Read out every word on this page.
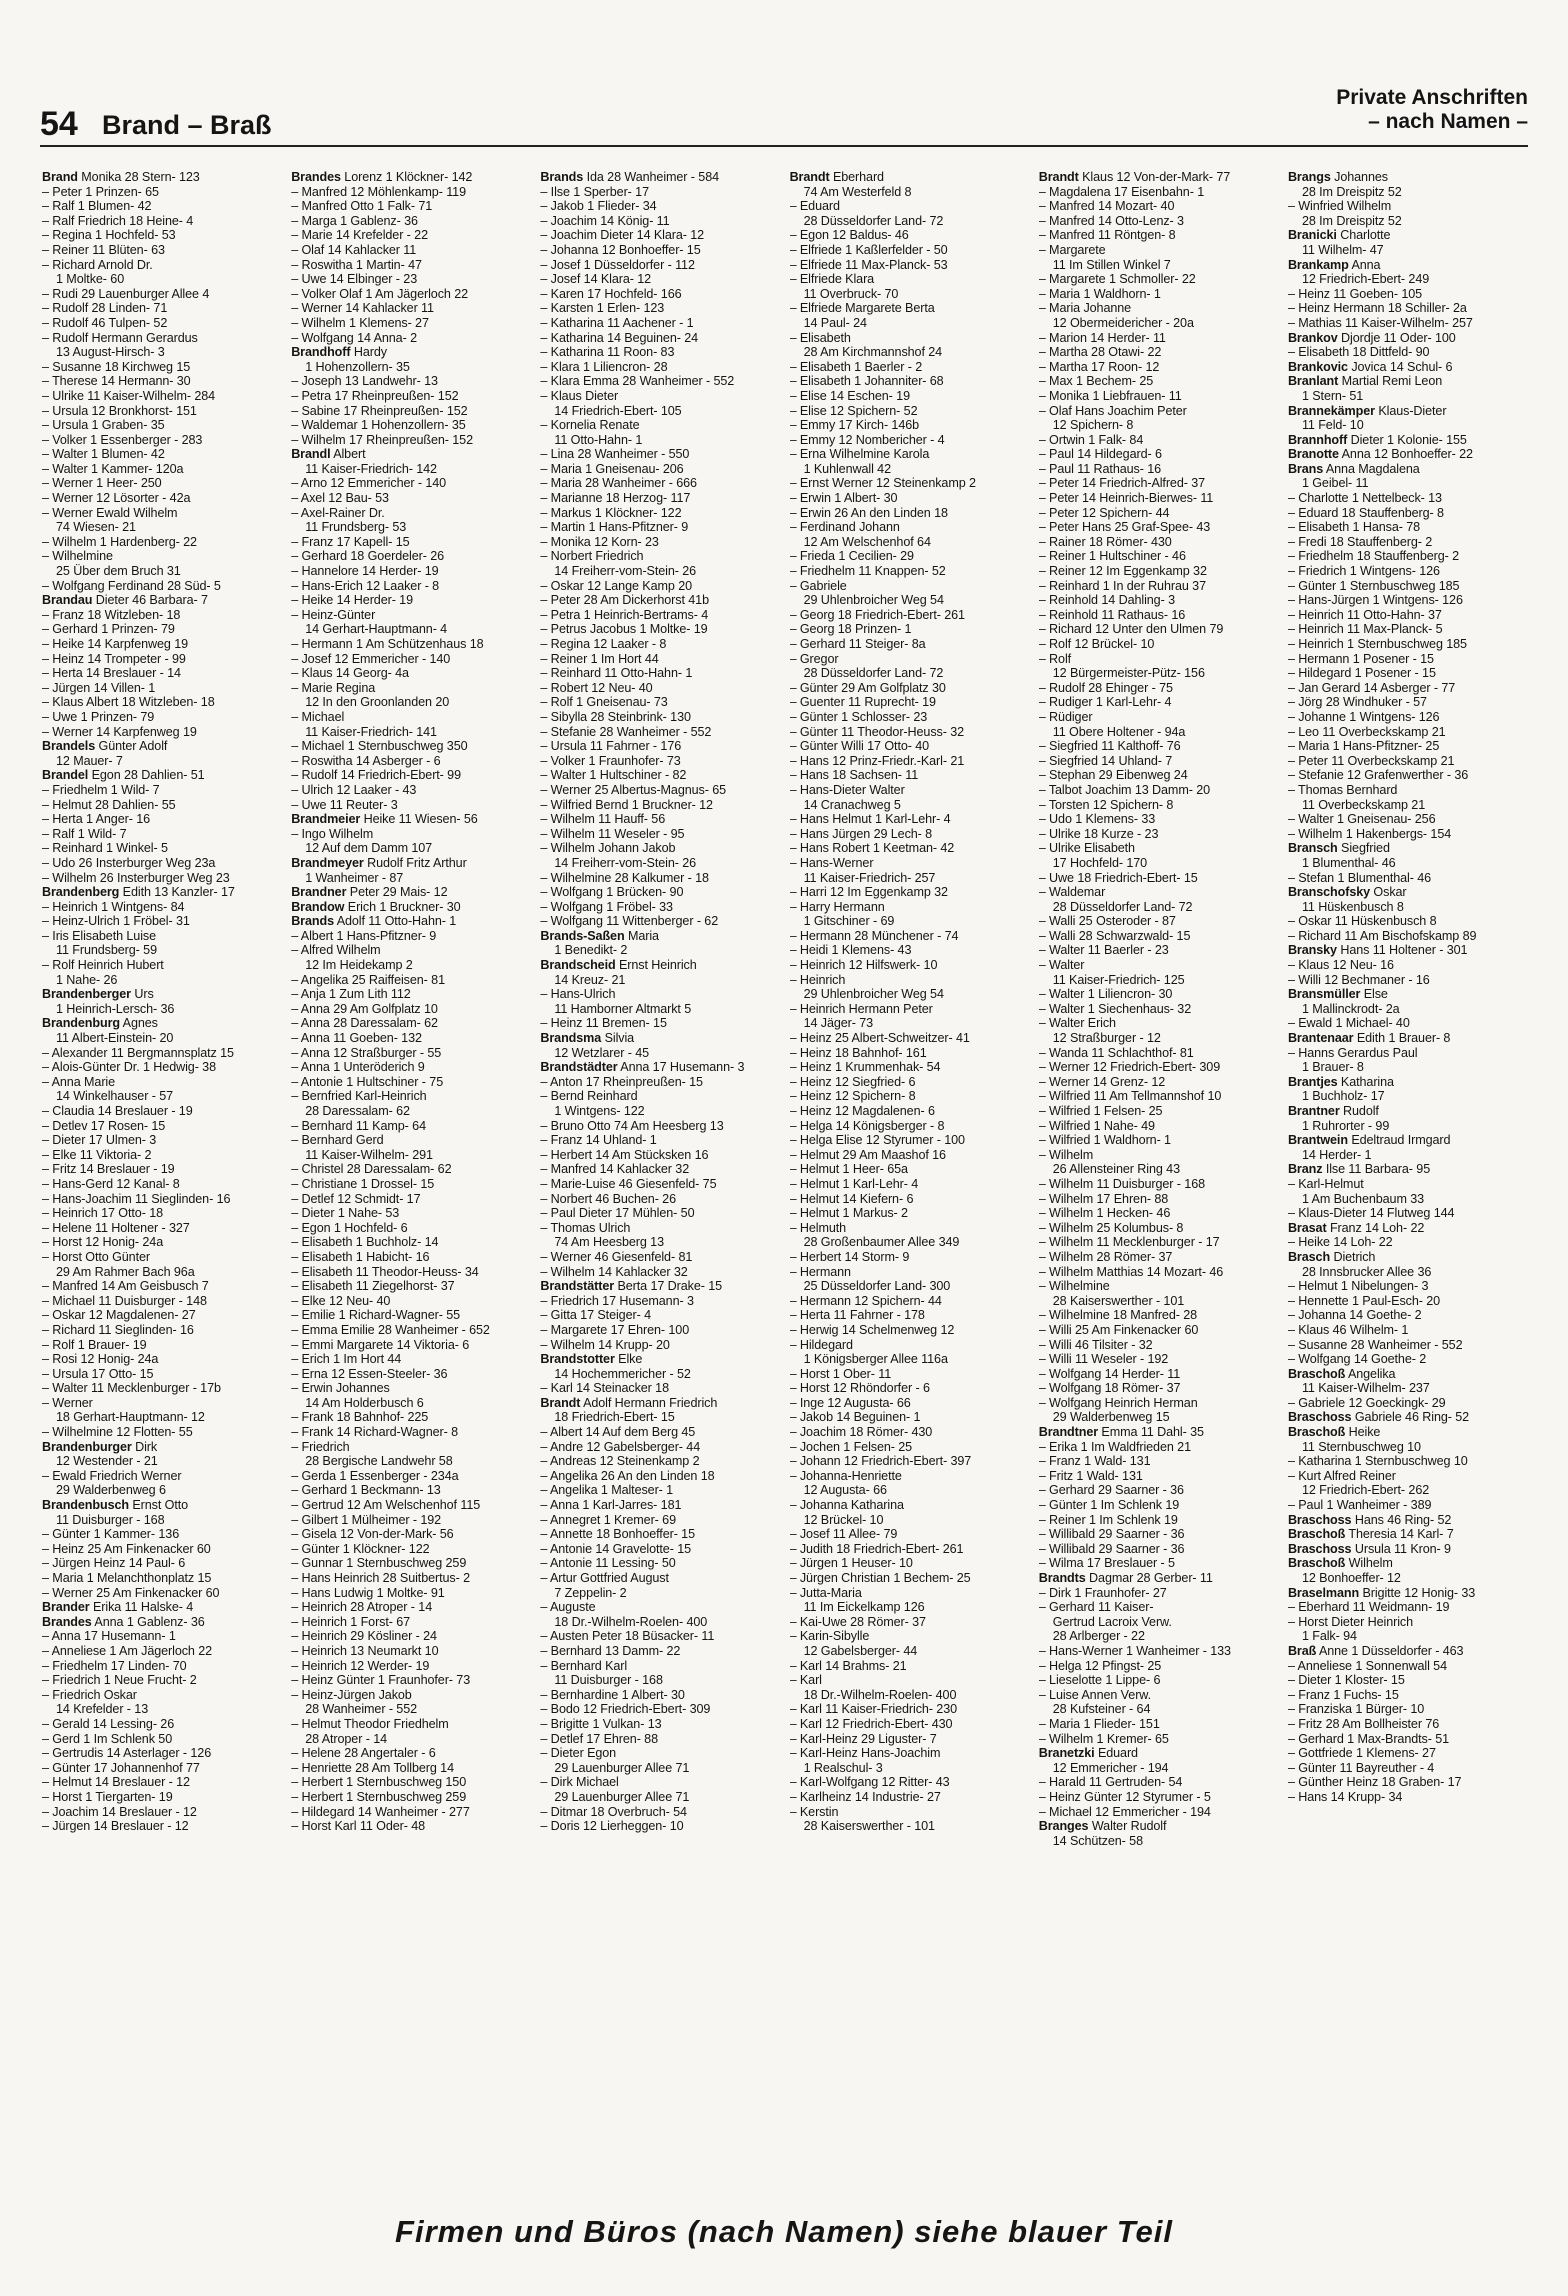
54 Brand – Braß
Private Anschriften
– nach Namen –
Brand Monika 28 Stern- 123
– Peter 1 Prinzen- 65
– Ralf 1 Blumen- 42
– Ralf Friedrich 18 Heine- 4
– Regina 1 Hochfeld- 53
– Reiner 11 Blüten- 63
– Richard Arnold Dr.
1 Moltke- 60
– Rudi 29 Lauenburger Allee 4
– Rudolf 28 Linden- 71
– Rudolf 46 Tulpen- 52
– Rudolf Hermann Gerardus
13 August-Hirsch- 3
– Susanne 18 Kirchweg 15
– Therese 14 Hermann- 30
– Ulrike 11 Kaiser-Wilhelm- 284
– Ursula 12 Bronkhorst- 151
– Ursula 1 Graben- 35
– Volker 1 Essenberger - 283
– Walter 1 Blumen- 42
– Walter 1 Kammer- 120a
– Werner 1 Heer- 250
– Werner 12 Lösorter - 42a
– Werner Ewald Wilhelm
74 Wiesen- 21
– Wilhelm 1 Hardenberg- 22
– Wilhelmine
25 Über dem Bruch 31
– Wolfgang Ferdinand 28 Süd- 5
Brandau Dieter 46 Barbara- 7
– Franz 18 Witzleben- 18
– Gerhard 1 Prinzen- 79
– Heike 14 Karpfenweg 19
– Heinz 14 Trompeter - 99
– Herta 14 Breslauer - 14
– Jürgen 14 Villen- 1
– Klaus Albert 18 Witzleben- 18
– Uwe 1 Prinzen- 79
– Werner 14 Karpfenweg 19
Brandels Günter Adolf
12 Mauer- 7
Brandel Egon 28 Dahlien- 51
– Friedhelm 1 Wild- 7
– Helmut 28 Dahlien- 55
– Herta 1 Anger- 16
– Ralf 1 Wild- 7
– Reinhard 1 Winkel- 5
– Udo 26 Insterburger Weg 23a
– Wilhelm 26 Insterburger Weg 23
Brandenberg Edith 13 Kanzler- 17
– Heinrich 1 Wintgens- 84
– Heinz-Ulrich 1 Fröbel- 31
– Iris Elisabeth Luise
11 Frundsberg- 59
– Rolf Heinrich Hubert
1 Nahe- 26
Brandenberger Urs
1 Heinrich-Lersch- 36
Brandenburg Agnes
11 Albert-Einstein- 20
– Alexander 11 Bergmannsplatz 15
– Alois-Günter Dr. 1 Hedwig- 38
– Anna Marie
14 Winkelhauser - 57
– Claudia 14 Breslauer - 19
– Detlev 17 Rosen- 15
– Dieter 17 Ulmen- 3
– Elke 11 Viktoria- 2
– Fritz 14 Breslauer - 19
– Hans-Gerd 12 Kanal- 8
– Hans-Joachim 11 Sieglinden- 16
– Heinrich 17 Otto- 18
– Helene 11 Holtener - 327
– Horst 12 Honig- 24a
– Horst Otto Günter
29 Am Rahmer Bach 96a
– Manfred 14 Am Geisbusch 7
– Michael 11 Duisburger - 148
– Oskar 12 Magdalenen- 27
– Richard 11 Sieglinden- 16
– Rolf 1 Brauer- 19
– Rosi 12 Honig- 24a
– Ursula 17 Otto- 15
– Walter 11 Mecklenburger - 17b
– Werner
18 Gerhart-Hauptmann- 12
– Wilhelmine 12 Flotten- 55
Brandenburger Dirk
12 Westender - 21
– Ewald Friedrich Werner
29 Walderbenweg 6
Brandenbusch Ernst Otto
11 Duisburger - 168
– Günter 1 Kammer- 136
– Heinz 25 Am Finkenacker 60
– Jürgen Heinz 14 Paul- 6
– Maria 1 Melanchthonplatz 15
– Werner 25 Am Finkenacker 60
Brander Erika 11 Halske- 4
Brandes Anna 1 Gablenz- 36
– Anna 17 Husemann- 1
– Anneliese 1 Am Jägerloch 22
– Friedhelm 17 Linden- 70
– Friedrich 1 Neue Frucht- 2
– Friedrich Oskar
14 Krefelder - 13
– Gerald 14 Lessing- 26
– Gerd 1 Im Schlenk 50
– Gertrudis 14 Asterlager - 126
– Günter 17 Johannenhof 77
– Helmut 14 Breslauer - 12
– Horst 1 Tiergarten- 19
– Joachim 14 Breslauer - 12
– Jürgen 14 Breslauer - 12
Brandes Lorenz 1 Klöckner- 142
– Manfred 12 Möhlenkamp- 119
– Manfred Otto 1 Falk- 71
– Marga 1 Gablenz- 36
– Marie 14 Krefelder - 22
– Olaf 14 Kahlacker 11
– Roswitha 1 Martin- 47
– Uwe 14 Elbinger - 23
– Volker Olaf 1 Am Jägerloch 22
– Werner 14 Kahlacker 11
– Wilhelm 1 Klemens- 27
– Wolfgang 14 Anna- 2
Brandhoff Hardy
1 Hohenzollern- 35
– Joseph 13 Landwehr- 13
– Petra 17 Rheinpreußen- 152
– Sabine 17 Rheinpreußen- 152
– Waldemar 1 Hohenzollern- 35
– Wilhelm 17 Rheinpreußen- 152
Brandl Albert
11 Kaiser-Friedrich- 142
– Arno 12 Emmericher - 140
– Axel 12 Bau- 53
– Axel-Rainer Dr.
11 Frundsberg- 53
– Franz 17 Kapell- 15
– Gerhard 18 Goerdeler- 26
– Hannelore 14 Herder- 19
– Hans-Erich 12 Laaker - 8
– Heike 14 Herder- 19
– Heinz-Günter
14 Gerhart-Hauptmann- 4
– Hermann 1 Am Schützenhaus 18
– Josef 12 Emmericher - 140
– Klaus 14 Georg- 4a
– Marie Regina
12 In den Groonlanden 20
– Michael
11 Kaiser-Friedrich- 141
– Michael 1 Sternbuschweg 350
– Roswitha 14 Asberger - 6
– Rudolf 14 Friedrich-Ebert- 99
– Ulrich 12 Laaker - 43
– Uwe 11 Reuter- 3
Brandmeier Heike 11 Wiesen- 56
– Ingo Wilhelm
12 Auf dem Damm 107
Brandmeyer Rudolf Fritz Arthur
1 Wanheimer - 87
Brandner Peter 29 Mais- 12
Brandow Erich 1 Bruckner- 30
Brands Adolf 11 Otto-Hahn- 1
– Albert 1 Hans-Pfitzner- 9
– Alfred Wilhelm
12 Im Heidekamp 2
– Angelika 25 Raiffeisen- 81
– Anja 1 Zum Lith 112
– Anna 29 Am Golfplatz 10
– Anna 28 Daressalam- 62
– Anna 11 Goeben- 132
– Anna 12 Straßburger - 55
– Anna 1 Unteröderich 9
– Antonie 1 Hultschiner - 75
– Bernfried Karl-Heinrich
28 Daressalam- 62
– Bernhard 11 Kamp- 64
– Bernhard Gerd
11 Kaiser-Wilhelm- 291
– Christel 28 Daressalam- 62
– Christiane 1 Drossel- 15
– Detlef 12 Schmidt- 17
– Dieter 1 Nahe- 53
– Egon 1 Hochfeld- 6
– Elisabeth 1 Buchholz- 14
– Elisabeth 1 Habicht- 16
– Elisabeth 11 Theodor-Heuss- 34
– Elisabeth 11 Ziegelhorst- 37
– Elke 12 Neu- 40
– Emilie 1 Richard-Wagner- 55
– Emma Emilie 28 Wanheimer - 652
– Emmi Margarete 14 Viktoria- 6
– Erich 1 Im Hort 44
– Erna 12 Essen-Steeler- 36
– Erwin Johannes
14 Am Holderbusch 6
– Frank 18 Bahnhof- 225
– Frank 14 Richard-Wagner- 8
– Friedrich
28 Bergische Landwehr 58
– Gerda 1 Essenberger - 234a
– Gerhard 1 Beckmann- 13
– Gertrud 12 Am Welschenhof 115
– Gilbert 1 Mülheimer - 192
– Gisela 12 Von-der-Mark- 56
– Günter 1 Klöckner- 122
– Gunnar 1 Sternbuschweg 259
– Hans Heinrich 28 Suitbertus- 2
– Hans Ludwig 1 Moltke- 91
– Heinrich 28 Atroper - 14
– Heinrich 1 Forst- 67
– Heinrich 29 Kösliner - 24
– Heinrich 13 Neumarkt 10
– Heinrich 12 Werder- 19
– Heinz Günter 1 Fraunhofer- 73
– Heinz-Jürgen Jakob
28 Wanheimer - 552
– Helmut Theodor Friedhelm
28 Atroper - 14
– Helene 28 Angertaler - 6
– Henriette 28 Am Tollberg 14
– Herbert 1 Sternbuschweg 150
– Herbert 1 Sternbuschweg 259
– Hildegard 14 Wanheimer - 277
– Horst Karl 11 Oder- 48
Brands Ida 28 Wanheimer - 584
– Ilse 1 Sperber- 17
– Jakob 1 Flieder- 34
– Joachim 14 König- 11
– Joachim Dieter 14 Klara- 12
– Johanna 12 Bonhoeffer- 15
– Josef 1 Düsseldorfer - 112
– Josef 14 Klara- 12
– Karen 17 Hochfeld- 166
– Karsten 1 Erlen- 123
– Katharina 11 Aachener - 1
– Katharina 14 Beguinen- 24
– Katharina 11 Roon- 83
– Klara 1 Liliencron- 28
– Klara Emma 28 Wanheimer - 552
– Klaus Dieter
14 Friedrich-Ebert- 105
– Kornelia Renate
11 Otto-Hahn- 1
– Lina 28 Wanheimer - 550
– Maria 1 Gneisenau- 206
– Maria 28 Wanheimer - 666
– Marianne 18 Herzog- 117
– Markus 1 Klöckner- 122
– Martin 1 Hans-Pfitzner- 9
– Monika 12 Korn- 23
– Norbert Friedrich
14 Freiherr-vom-Stein- 26
– Oskar 12 Lange Kamp 20
– Peter 28 Am Dickerhorst 41b
– Petra 1 Heinrich-Bertrams- 4
– Petrus Jacobus 1 Moltke- 19
– Regina 12 Laaker - 8
– Reiner 1 Im Hort 44
– Reinhard 11 Otto-Hahn- 1
– Robert 12 Neu- 40
– Rolf 1 Gneisenau- 73
– Sibylla 28 Steinbrink- 130
– Stefanie 28 Wanheimer - 552
– Ursula 11 Fahrner - 176
– Volker 1 Fraunhofer- 73
– Walter 1 Hultschiner - 82
– Werner 25 Albertus-Magnus- 65
– Wilfried Bernd 1 Bruckner- 12
– Wilhelm 11 Hauff- 56
– Wilhelm 11 Weseler - 95
– Wilhelm Johann Jakob
14 Freiherr-vom-Stein- 26
– Wilhelmine 28 Kalkumer - 18
– Wolfgang 1 Brücken- 90
– Wolfgang 1 Fröbel- 33
– Wolfgang 11 Wittenberger - 62
Brands-Saßen Maria
1 Benedikt- 2
Brandscheid Ernst Heinrich
14 Kreuz- 21
– Hans-Ulrich
11 Hamborner Altmarkt 5
– Heinz 11 Bremen- 15
Brandsma Silvia
12 Wetzlarer - 45
Brandstädter Anna 17 Husemann- 3
– Anton 17 Rheinpreußen- 15
– Bernd Reinhard
1 Wintgens- 122
– Bruno Otto 74 Am Heesberg 13
– Franz 14 Uhland- 1
– Herbert 14 Am Stücksken 16
– Manfred 14 Kahlacker 32
– Marie-Luise 46 Giesenfeld- 75
– Norbert 46 Buchen- 26
– Paul Dieter 17 Mühlen- 50
– Thomas Ulrich
74 Am Heesberg 13
– Werner 46 Giesenfeld- 81
– Wilhelm 14 Kahlacker 32
Brandstätter Berta 17 Drake- 15
– Friedrich 17 Husemann- 3
– Gitta 17 Steiger- 4
– Margarete 17 Ehren- 100
– Wilhelm 14 Krupp- 20
Brandstotter Elke
14 Hochemmericher - 52
– Karl 14 Steinacker 18
Brandt Adolf Hermann Friedrich
18 Friedrich-Ebert- 15
– Albert 14 Auf dem Berg 45
– Andre 12 Gabelsberger- 44
– Andreas 12 Steinenkamp 2
– Angelika 26 An den Linden 18
– Angelika 1 Malteser- 1
– Anna 1 Karl-Jarres- 181
– Annegret 1 Kremer- 69
– Annette 18 Bonhoeffer- 15
– Antonie 14 Gravelotte- 15
– Antonie 11 Lessing- 50
– Artur Gottfried August
7 Zeppelin- 2
– Auguste
18 Dr.-Wilhelm-Roelen- 400
– Austen Peter 18 Büsacker- 11
– Bernhard 13 Damm- 22
– Bernhard Karl
11 Duisburger - 168
– Bernhardine 1 Albert- 30
– Bodo 12 Friedrich-Ebert- 309
– Brigitte 1 Vulkan- 13
– Detlef 17 Ehren- 88
– Dieter Egon
29 Lauenburger Allee 71
– Dirk Michael
29 Lauenburger Allee 71
– Ditmar 18 Overbruch- 54
– Doris 12 Lierheggen- 10
Brandt Eberhard
74 Am Westerfeld 8
– Eduard
28 Düsseldorfer Land- 72
– Egon 12 Baldus- 46
– Elfriede 1 Kaßlerfelder - 50
– Elfriede 11 Max-Planck- 53
– Elfriede Klara
11 Overbruck- 70
– Elfriede Margarete Berta
14 Paul- 24
– Elisabeth
28 Am Kirchmannshof 24
– Elisabeth 1 Baerler - 2
– Elisabeth 1 Johanniter- 68
– Elise 14 Eschen- 19
– Elise 12 Spichern- 52
– Emmy 17 Kirch- 146b
– Emmy 12 Nombericher - 4
– Erna Wilhelmine Karola
1 Kuhlenwall 42
– Ernst Werner 12 Steinenkamp 2
– Erwin 1 Albert- 30
– Erwin 26 An den Linden 18
– Ferdinand Johann
12 Am Welschenhof 64
– Frieda 1 Cecilien- 29
– Friedhelm 11 Knappen- 52
– Gabriele
29 Uhlenbroicher Weg 54
– Georg 18 Friedrich-Ebert- 261
– Georg 18 Prinzen- 1
– Gerhard 11 Steiger- 8a
– Gregor
28 Düsseldorfer Land- 72
– Günter 29 Am Golfplatz 30
– Guenter 11 Ruprecht- 19
– Günter 1 Schlosser- 23
– Günter 11 Theodor-Heuss- 32
– Günter Willi 17 Otto- 40
– Hans 12 Prinz-Friedr.-Karl- 21
– Hans 18 Sachsen- 11
– Hans-Dieter Walter
14 Cranachweg 5
– Hans Helmut 1 Karl-Lehr- 4
– Hans Jürgen 29 Lech- 8
– Hans Robert 1 Keetman- 42
– Hans-Werner
11 Kaiser-Friedrich- 257
– Harri 12 Im Eggenkamp 32
– Harry Hermann
1 Gitschiner - 69
– Hermann 28 Münchener - 74
– Heidi 1 Klemens- 43
– Heinrich 12 Hilfswerk- 10
– Heinrich
29 Uhlenbroicher Weg 54
– Heinrich Hermann Peter
14 Jäger- 73
– Heinz 25 Albert-Schweitzer- 41
– Heinz 18 Bahnhof- 161
– Heinz 1 Krummenhak- 54
– Heinz 12 Siegfried- 6
– Heinz 12 Spichern- 8
– Heinz 12 Magdalenen- 6
– Helga 14 Königsberger - 8
– Helga Elise 12 Styrumer - 100
– Helmut 29 Am Maashof 16
– Helmut 1 Heer- 65a
– Helmut 1 Karl-Lehr- 4
– Helmut 14 Kiefern- 6
– Helmut 1 Markus- 2
– Helmuth
28 Großenbaumer Allee 349
– Herbert 14 Storm- 9
– Hermann
25 Düsseldorfer Land- 300
– Hermann 12 Spichern- 44
– Herta 11 Fahrner - 178
– Herwig 14 Schelmenweg 12
– Hildegard
1 Königsberger Allee 116a
– Horst 1 Ober- 11
– Horst 12 Rhöndorfer - 6
– Inge 12 Augusta- 66
– Jakob 14 Beguinen- 1
– Joachim 18 Römer- 430
– Jochen 1 Felsen- 25
– Johann 12 Friedrich-Ebert- 397
– Johanna-Henriette
12 Augusta- 66
– Johanna Katharina
12 Brückel- 10
– Josef 11 Allee- 79
– Judith 18 Friedrich-Ebert- 261
– Jürgen 1 Heuser- 10
– Jürgen Christian 1 Bechem- 25
– Jutta-Maria
11 Im Eickelkamp 126
– Kai-Uwe 28 Römer- 37
– Karin-Sibylle
12 Gabelsberger- 44
– Karl 14 Brahms- 21
– Karl
18 Dr.-Wilhelm-Roelen- 400
– Karl 11 Kaiser-Friedrich- 230
– Karl 12 Friedrich-Ebert- 430
– Karl-Heinz 29 Liguster- 7
– Karl-Heinz Hans-Joachim
1 Realschul- 3
– Karl-Wolfgang 12 Ritter- 43
– Karlheinz 14 Industrie- 27
– Kerstin
28 Kaiserswerther - 101
Brandt Klaus 12 Von-der-Mark- 77
– Magdalena 17 Eisenbahn- 1
– Manfred 14 Mozart- 40
– Manfred 14 Otto-Lenz- 3
– Manfred 11 Röntgen- 8
– Margarete
11 Im Stillen Winkel 7
– Margarete 1 Schmoller- 22
– Maria 1 Waldhorn- 1
– Maria Johanne
12 Obermeidericher - 20a
– Marion 14 Herder- 11
– Martha 28 Otawi- 22
– Martha 17 Roon- 12
– Max 1 Bechem- 25
– Monika 1 Liebfrauen- 11
– Olaf Hans Joachim Peter
12 Spichern- 8
– Ortwin 1 Falk- 84
– Paul 14 Hildegard- 6
– Paul 11 Rathaus- 16
– Peter 14 Friedrich-Alfred- 37
– Peter 14 Heinrich-Bierwes- 11
– Peter 12 Spichern- 44
– Peter Hans 25 Graf-Spee- 43
– Rainer 18 Römer- 430
– Reiner 1 Hultschiner - 46
– Reiner 12 Im Eggenkamp 32
– Reinhard 1 In der Ruhrau 37
– Reinhold 14 Dahling- 3
– Reinhold 11 Rathaus- 16
– Richard 12 Unter den Ulmen 79
– Rolf 12 Brückel- 10
– Rolf
12 Bürgermeister-Pütz- 156
– Rudolf 28 Ehinger - 75
– Rudiger 1 Karl-Lehr- 4
– Rüdiger
11 Obere Holtener - 94a
– Siegfried 11 Kalthoff- 76
– Siegfried 14 Uhland- 7
– Stephan 29 Eibenweg 24
– Talbot Joachim 13 Damm- 20
– Torsten 12 Spichern- 8
– Udo 1 Klemens- 33
– Ulrike 18 Kurze - 23
– Ulrike Elisabeth
17 Hochfeld- 170
– Uwe 18 Friedrich-Ebert- 15
– Waldemar
28 Düsseldorfer Land- 72
– Walli 25 Osteroder - 87
– Walli 28 Schwarzwald- 15
– Walter 11 Baerler - 23
– Walter
11 Kaiser-Friedrich- 125
– Walter 1 Liliencron- 30
– Walter 1 Siechenhaus- 32
– Walter Erich
12 Straßburger - 12
– Wanda 11 Schlachthof- 81
– Werner 12 Friedrich-Ebert- 309
– Werner 14 Grenz- 12
– Wilfried 11 Am Tellmannshof 10
– Wilfried 1 Felsen- 25
– Wilfried 1 Nahe- 49
– Wilfried 1 Waldhorn- 1
– Wilhelm
26 Allensteiner Ring 43
– Wilhelm 11 Duisburger - 168
– Wilhelm 17 Ehren- 88
– Wilhelm 1 Hecken- 46
– Wilhelm 25 Kolumbus- 8
– Wilhelm 11 Mecklenburger - 17
– Wilhelm 28 Römer- 37
– Wilhelm Matthias 14 Mozart- 46
– Wilhelmine
28 Kaiserswerther - 101
– Wilhelmine 18 Manfred- 28
– Willi 25 Am Finkenacker 60
– Willi 46 Tilsiter - 32
– Willi 11 Weseler - 192
– Wolfgang 14 Herder- 11
– Wolfgang 18 Römer- 37
– Wolfgang Heinrich Herman
29 Walderbenweg 15
Brandtner Emma 11 Dahl- 35
– Erika 1 Im Waldfrieden 21
– Franz 1 Wald- 131
– Fritz 1 Wald- 131
– Gerhard 29 Saarner - 36
– Günter 1 Im Schlenk 19
– Reiner 1 Im Schlenk 19
– Willibald 29 Saarner - 36
– Willibald 29 Saarner - 36
– Wilma 17 Breslauer - 5
Brandts Dagmar 28 Gerber- 11
– Dirk 1 Fraunhofer- 27
– Gerhard 11 Kaiser-
Gertrud Lacroix Verw.
28 Arlberger - 22
– Hans-Werner 1 Wanheimer - 133
– Helga 12 Pfingst- 25
– Lieselotte 1 Lippe- 6
– Luise Annen Verw.
28 Kufsteiner - 64
– Maria 1 Flieder- 151
– Wilhelm 1 Kremer- 65
Branetzki Eduard
12 Emmericher - 194
– Harald 11 Gertruden- 54
– Heinz Günter 12 Styrumer - 5
– Michael 12 Emmericher - 194
Branges Walter Rudolf
14 Schützen- 58
Brangs Johannes
28 Im Dreispitz 52
– Winfried Wilhelm
28 Im Dreispitz 52
Branicki Charlotte
11 Wilhelm- 47
Brankamp Anna
12 Friedrich-Ebert- 249
– Heinz 11 Goeben- 105
– Heinz Hermann 18 Schiller- 2a
– Mathias 11 Kaiser-Wilhelm- 257
Brankov Djordje 11 Oder- 100
– Elisabeth 18 Dittfeld- 90
Brankovic Jovica 14 Schul- 6
Branlant Martial Remi Leon
1 Stern- 51
Brannekämper Klaus-Dieter
11 Feld- 10
Brannhoff Dieter 1 Kolonie- 155
Branotte Anna 12 Bonhoeffer- 22
Brans Anna Magdalena
1 Geibel- 11
– Charlotte 1 Nettelbeck- 13
– Eduard 18 Stauffenberg- 8
– Elisabeth 1 Hansa- 78
– Fredi 18 Stauffenberg- 2
– Friedhelm 18 Stauffenberg- 2
– Friedrich 1 Wintgens- 126
– Günter 1 Sternbuschweg 185
– Hans-Jürgen 1 Wintgens- 126
– Heinrich 11 Otto-Hahn- 37
– Heinrich 11 Max-Planck- 5
– Heinrich 1 Sternbuschweg 185
– Hermann 1 Posener - 15
– Hildegard 1 Posener - 15
– Jan Gerard 14 Asberger - 77
– Jörg 28 Windhuker - 57
– Johanne 1 Wintgens- 126
– Leo 11 Overbeckskamp 21
– Maria 1 Hans-Pfitzner- 25
– Peter 11 Overbeckskamp 21
– Stefanie 12 Grafenwerther - 36
– Thomas Bernhard
11 Overbeckskamp 21
– Walter 1 Gneisenau- 256
– Wilhelm 1 Hakenbergs- 154
Bransch Siegfried
1 Blumenthal- 46
– Stefan 1 Blumenthal- 46
Branschofsky Oskar
11 Hüskenbusch 8
– Oskar 11 Hüskenbusch 8
– Richard 11 Am Bischofskamp 89
Bransky Hans 11 Holtener - 301
– Klaus 12 Neu- 16
– Willi 12 Bechmaner - 16
Bransmüller Else
1 Mallinckrodt- 2a
– Ewald 1 Michael- 40
Brantenaar Edith 1 Brauer- 8
– Hanns Gerardus Paul
1 Brauer- 8
Brantjes Katharina
1 Buchholz- 17
Brantner Rudolf
1 Ruhrorter - 99
Brantwein Edeltraud Irmgard
14 Herder- 1
Branz Ilse 11 Barbara- 95
– Karl-Helmut
1 Am Buchenbaum 33
– Klaus-Dieter 14 Flutweg 144
Brasat Franz 14 Loh- 22
– Heike 14 Loh- 22
Brasch Dietrich
28 Innsbrucker Allee 36
– Helmut 1 Nibelungen- 3
– Hennette 1 Paul-Esch- 20
– Johanna 14 Goethe- 2
– Klaus 46 Wilhelm- 1
– Susanne 28 Wanheimer - 552
– Wolfgang 14 Goethe- 2
Braschoß Angelika
11 Kaiser-Wilhelm- 237
– Gabriele 12 Goeckingk- 29
Braschoss Gabriele 46 Ring- 52
Braschoß Heike
11 Sternbuschweg 10
– Katharina 1 Sternbuschweg 10
– Kurt Alfred Reiner
12 Friedrich-Ebert- 262
– Paul 1 Wanheimer - 389
Braschoss Hans 46 Ring- 52
Braschoß Theresia 14 Karl- 7
Braschoss Ursula 11 Kron- 9
Braschoß Wilhelm
12 Bonhoeffer- 12
Braselmann Brigitte 12 Honig- 33
– Eberhard 11 Weidmann- 19
– Horst Dieter Heinrich
1 Falk- 94
Braß Anne 1 Düsseldorfer - 463
– Anneliese 1 Sonnenwall 54
– Dieter 1 Kloster- 15
– Franz 1 Fuchs- 15
– Franziska 1 Bürger- 10
– Fritz 28 Am Bollheister 76
– Gerhard 1 Max-Brandts- 51
– Gottfriede 1 Klemens- 27
– Günter 11 Bayreuther - 4
– Günther Heinz 18 Graben- 17
– Hans 14 Krupp- 34
Firmen und Büros (nach Namen) siehe blauer Teil
